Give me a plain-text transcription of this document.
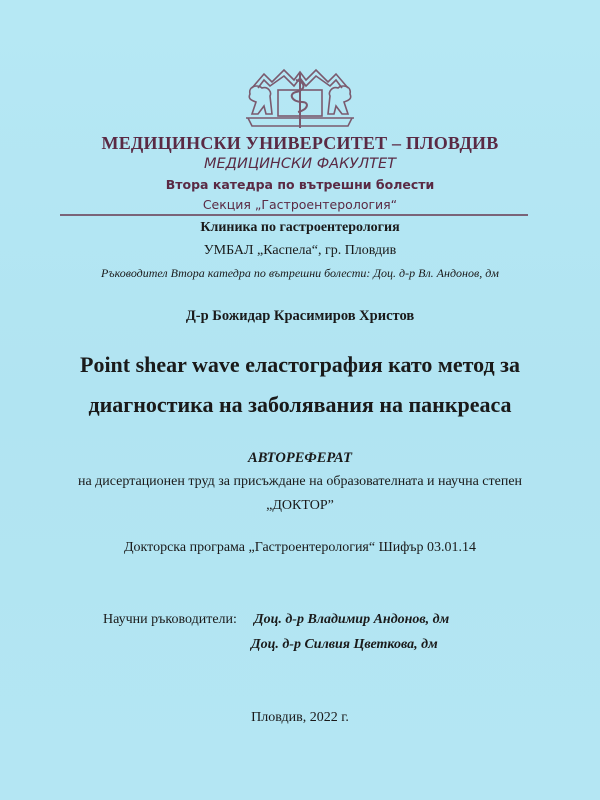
МЕДИЦИНСКИ УНИВЕРСИТЕТ – ПЛОВДИВ
МЕДИЦИНСКИ ФАКУЛТЕТ
Втора катедра по вътрешни болести
Секция „Гастроентерология“
Клиника по гастроентерология
УМБАЛ „Каспела“, гр. Пловдив
Ръководител Втора катедра по вътрешни болести: Доц. д-р Вл. Андонов, дм
Д-р Божидар Красимиров Христов
Point shear wave еластография като метод за
диагностика на заболявания на панкреаса
АВТОРЕФЕРАТ
на дисертационен труд за присъждане на образователната и научна степен
„ДОКТОР”
Докторска програма „Гастроентерология“ Шифър 03.01.14
Научни ръководители: Доц. д-р Владимир Андонов, дм
Доц. д-р Силвия Цветкова, дм
Пловдив, 2022 г.
